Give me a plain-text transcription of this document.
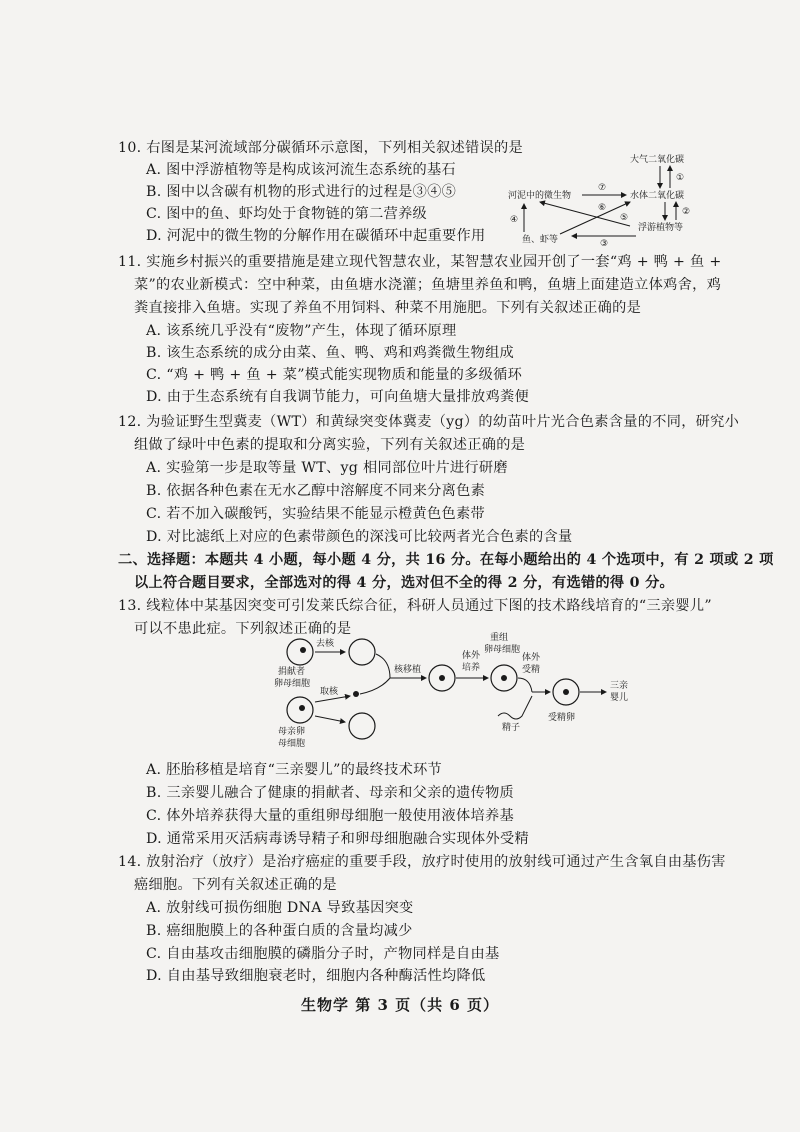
10. 右图是某河流域部分碳循环示意图，下列相关叙述错误的是
A. 图中浮游植物等是构成该河流生态系统的基石
B. 图中以含碳有机物的形式进行的过程是③④⑤
C. 图中的鱼、虾均处于食物链的第二营养级
D. 河泥中的微生物的分解作用在碳循环中起重要作用
大气二氧化碳
水体二氧化碳
河泥中的微生物
浮游植物等
鱼、虾等
①
②
③
④	⑤
⑥
⑦
11. 实施乡村振兴的重要措施是建立现代智慧农业，某智慧农业园开创了一套“鸡 + 鸭 + 鱼 +
菜”的农业新模式：空中种菜，由鱼塘水浇灌；鱼塘里养鱼和鸭，鱼塘上面建造立体鸡舍，鸡
粪直接排入鱼塘。实现了养鱼不用饲料、种菜不用施肥。下列有关叙述正确的是
A. 该系统几乎没有“废物”产生，体现了循环原理
B. 该生态系统的成分由菜、鱼、鸭、鸡和鸡粪微生物组成
C. “鸡 + 鸭 + 鱼 + 菜”模式能实现物质和能量的多级循环
D. 由于生态系统有自我调节能力，可向鱼塘大量排放鸡粪便
12. 为验证野生型冀麦（WT）和黄绿突变体冀麦（yg）的幼苗叶片光合色素含量的不同，研究小
组做了绿叶中色素的提取和分离实验，下列有关叙述正确的是
A. 实验第一步是取等量 WT、yg 相同部位叶片进行研磨
B. 依据各种色素在无水乙醇中溶解度不同来分离色素
C. 若不加入碳酸钙，实验结果不能显示橙黄色色素带
D. 对比滤纸上对应的色素带颜色的深浅可比较两者光合色素的含量
二、选择题：本题共 4 小题，每小题 4 分，共 16 分。在每小题给出的 4 个选项中，有 2 项或 2 项
以上符合题目要求，全部选对的得 4 分，选对但不全的得 2 分，有选错的得 0 分。
13. 线粒体中某基因突变可引发莱氏综合征，科研人员通过下图的技术路线培育的“三亲婴儿”
可以不患此症。下列叙述正确的是
去核
捐献者
卵母细胞
取核
母亲卵
母细胞
核移植
体外
培养
重组
卵母细胞
体外
受精
精子
受精卵
三亲
婴儿
A. 胚胎移植是培育“三亲婴儿”的最终技术环节
B. 三亲婴儿融合了健康的捐献者、母亲和父亲的遗传物质
C. 体外培养获得大量的重组卵母细胞一般使用液体培养基
D. 通常采用灭活病毒诱导精子和卵母细胞融合实现体外受精
14. 放射治疗（放疗）是治疗癌症的重要手段，放疗时使用的放射线可通过产生含氧自由基伤害
癌细胞。下列有关叙述正确的是
A. 放射线可损伤细胞 DNA 导致基因突变
B. 癌细胞膜上的各种蛋白质的含量均减少
C. 自由基攻击细胞膜的磷脂分子时，产物同样是自由基
D. 自由基导致细胞衰老时，细胞内各种酶活性均降低
生物学 第 3 页（共 6 页）
